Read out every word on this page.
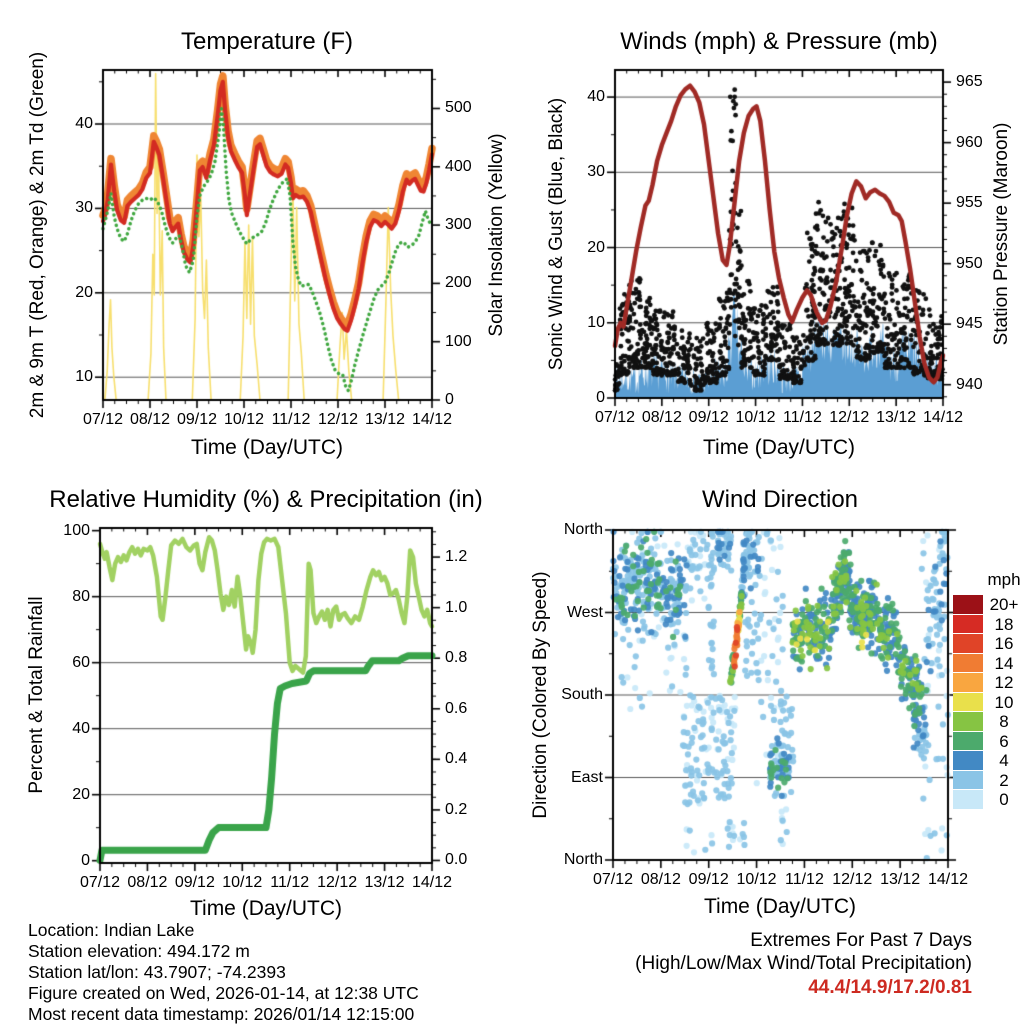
Temperature (F)	Winds (mph) & Pressure (mb)
Relative Humidity (%) & Precipitation (in)	Wind Direction
Time (Day/UTC)	Time (Day/UTC)
Time (Day/UTC)	Time (Day/UTC)
2m & 9m T (Red, Orange) & 2m Td (Green)	Solar Insolation (Yellow) Sonic Wind & Gust (Blue, Black)	Station Pressure (Maroon)
Percent & Total Rainfall	Direction (Colored By Speed)
07/12 08/12 09/12 10/12 11/12 12/12 13/12 14/12
10
20
30
40
0
100
200
300
400
500
07/12 08/12 09/12 10/12 11/12 12/12 13/12 14/12
0
10
20
30
40
940
945
950
955
960
965
07/12 08/12 09/12 10/12 11/12 12/12 13/12 14/12
0
20
40
60
80
100
0.0
0.2
0.4
0.6
0.8
1.0
1.2
07/12 08/12 09/12 10/12 11/12 12/12 13/12 14/12
North
West
South
East
North
mph
20+
18
16
14
12
10
8
6
4
2
0
Location: Indian Lake
Station elevation: 494.172 m
Station lat/lon: 43.7907; -74.2393
Figure created on Wed, 2026-01-14, at 12:38 UTC
Most recent data timestamp: 2026/01/14 12:15:00
Extremes For Past 7 Days
(High/Low/Max Wind/Total Precipitation)
44.4/14.9/17.2/0.81
